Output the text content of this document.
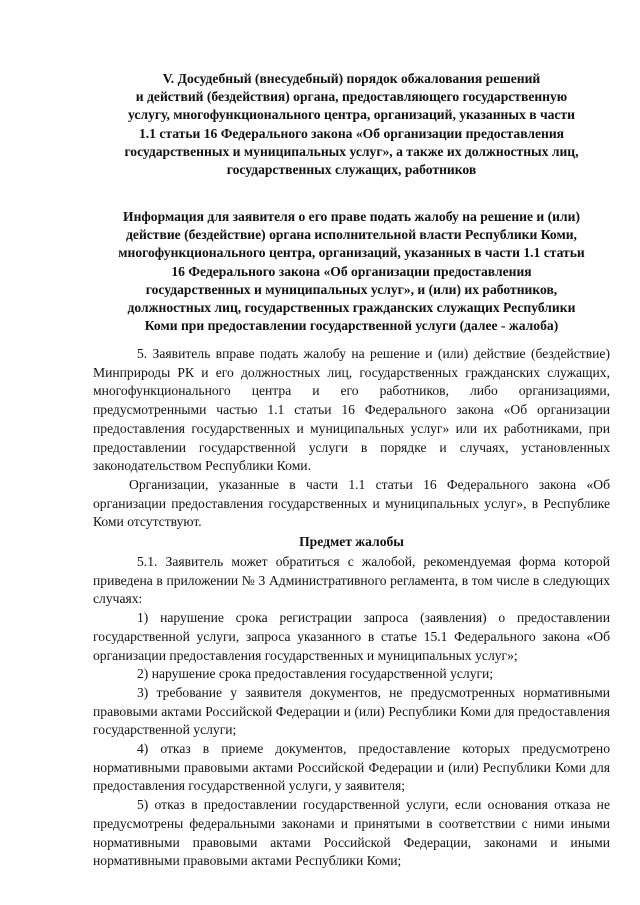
V. Досудебный (внесудебный) порядок обжалования решений
и действий (бездействия) органа, предоставляющего государственную
услугу, многофункционального центра, организаций, указанных в части
1.1 статьи 16 Федерального закона «Об организации предоставления
государственных и муниципальных услуг», а также их должностных лиц,
государственных служащих, работников
Информация для заявителя о его праве подать жалобу на решение и (или)
действие (бездействие) органа исполнительной власти Республики Коми,
многофункционального центра, организаций, указанных в части 1.1 статьи
16 Федерального закона «Об организации предоставления
государственных и муниципальных услуг», и (или) их работников,
должностных лиц, государственных гражданских служащих Республики
Коми при предоставлении государственной услуги (далее - жалоба)

5. Заявитель вправе подать жалобу на решение и (или) действие (бездействие) Минприроды РК и его должностных лиц, государственных гражданских служащих, многофункционального центра и его работников, либо организациями, предусмотренными частью 1.1 статьи 16 Федерального закона «Об организации предоставления государственных и муниципальных услуг» или их работниками, при предоставлении государственной услуги в порядке и случаях, установленных законодательством Республики Коми.

Организации, указанные в части 1.1 статьи 16 Федерального закона «Об организации предоставления государственных и муниципальных услуг», в Республике Коми отсутствуют.

Предмет жалобы

5.1. Заявитель может обратиться с жалобой, рекомендуемая форма которой приведена в приложении № 3 Административного регламента, в том числе в следующих случаях:

1) нарушение срока регистрации запроса (заявления) о предоставлении государственной услуги, запроса указанного в статье 15.1 Федерального закона «Об организации предоставления государственных и муниципальных услуг»;

2) нарушение срока предоставления государственной услуги;

3) требование у заявителя документов, не предусмотренных нормативными правовыми актами Российской Федерации и (или) Республики Коми для предоставления государственной услуги;

4) отказ в приеме документов, предоставление которых предусмотрено нормативными правовыми актами Российской Федерации и (или) Республики Коми для предоставления государственной услуги, у заявителя;

5) отказ в предоставлении государственной услуги, если основания отказа не предусмотрены федеральными законами и принятыми в соответствии с ними иными нормативными правовыми актами Российской Федерации, законами и иными нормативными правовыми актами Республики Коми;
